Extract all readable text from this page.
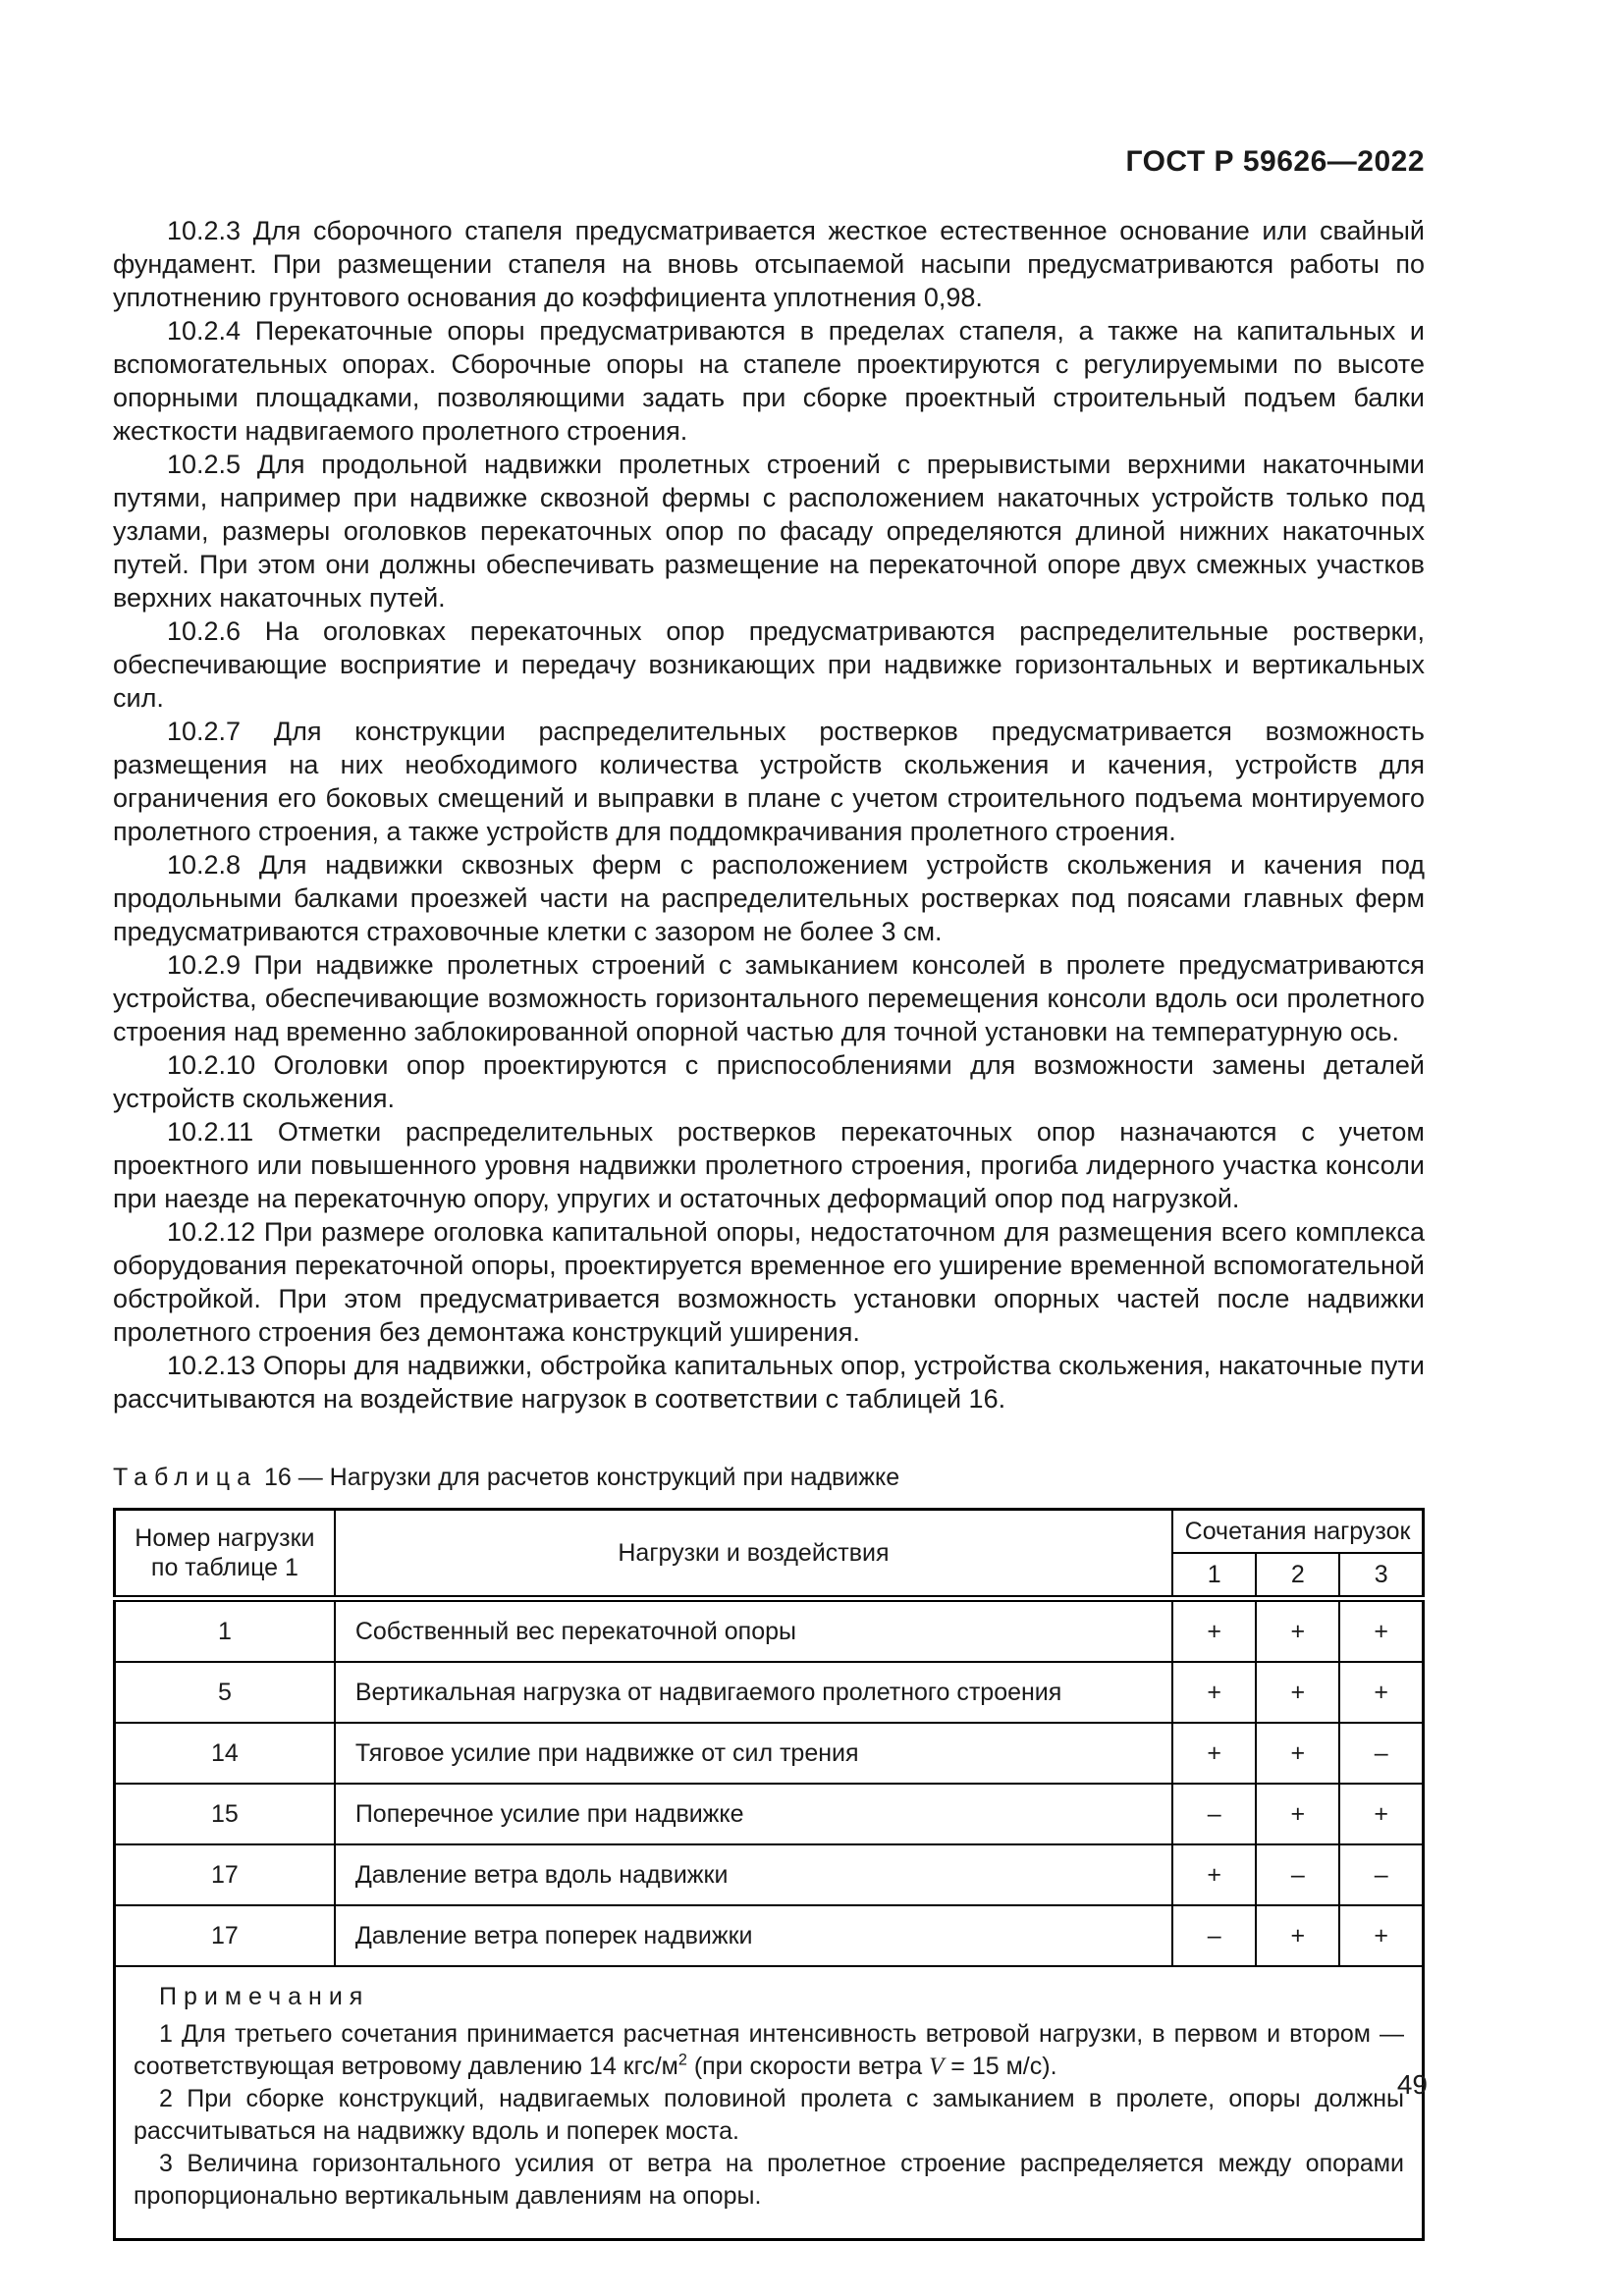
ГОСТ Р 59626—2022

10.2.3 Для сборочного стапеля предусматривается жесткое естественное основание или свайный фундамент. При размещении стапеля на вновь отсыпаемой насыпи предусматриваются работы по уплотнению грунтового основания до коэффициента уплотнения 0,98.

10.2.4 Перекаточные опоры предусматриваются в пределах стапеля, а также на капитальных и вспомогательных опорах. Сборочные опоры на стапеле проектируются с регулируемыми по высоте опорными площадками, позволяющими задать при сборке проектный строительный подъем балки жесткости надвигаемого пролетного строения.

10.2.5 Для продольной надвижки пролетных строений с прерывистыми верхними накаточными путями, например при надвижке сквозной фермы с расположением накаточных устройств только под узлами, размеры оголовков перекаточных опор по фасаду определяются длиной нижних накаточных путей. При этом они должны обеспечивать размещение на перекаточной опоре двух смежных участков верхних накаточных путей.

10.2.6 На оголовках перекаточных опор предусматриваются распределительные ростверки, обеспечивающие восприятие и передачу возникающих при надвижке горизонтальных и вертикальных сил.

10.2.7 Для конструкции распределительных ростверков предусматривается возможность размещения на них необходимого количества устройств скольжения и качения, устройств для ограничения его боковых смещений и выправки в плане с учетом строительного подъема монтируемого пролетного строения, а также устройств для поддомкрачивания пролетного строения.

10.2.8 Для надвижки сквозных ферм с расположением устройств скольжения и качения под продольными балками проезжей части на распределительных ростверках под поясами главных ферм предусматриваются страховочные клетки с зазором не более 3 см.

10.2.9 При надвижке пролетных строений с замыканием консолей в пролете предусматриваются устройства, обеспечивающие возможность горизонтального перемещения консоли вдоль оси пролетного строения над временно заблокированной опорной частью для точной установки на температурную ось.

10.2.10 Оголовки опор проектируются с приспособлениями для возможности замены деталей устройств скольжения.

10.2.11 Отметки распределительных ростверков перекаточных опор назначаются с учетом проектного или повышенного уровня надвижки пролетного строения, прогиба лидерного участка консоли при наезде на перекаточную опору, упругих и остаточных деформаций опор под нагрузкой.

10.2.12 При размере оголовка капитальной опоры, недостаточном для размещения всего комплекса оборудования перекаточной опоры, проектируется временное его уширение временной вспомогательной обстройкой. При этом предусматривается возможность установки опорных частей после надвижки пролетного строения без демонтажа конструкций уширения.

10.2.13 Опоры для надвижки, обстройка капитальных опор, устройства скольжения, накаточные пути рассчитываются на воздействие нагрузок в соответствии с таблицей 16.

Таблица 16 — Нагрузки для расчетов конструкций при надвижке
Номер нагрузки по таблице 1	Нагрузки и воздействия	Сочетания нагрузок		
		1	2	3
1	Собственный вес перекаточной опоры	+	+	+
5	Вертикальная нагрузка от надвигаемого пролетного строения	+	+	+
14	Тяговое усилие при надвижке от сил трения	+	+	–
15	Поперечное усилие при надвижке	–	+	+
17	Давление ветра вдоль надвижки	+	–	–
17	Давление ветра поперек надвижки	–	+	+

Примечания

1 Для третьего сочетания принимается расчетная интенсивность ветровой нагрузки, в первом и втором — соответствующая ветровому давлению 14 кгс/$м^2$ (при скорости ветра V = 15 м/с).

2 При сборке конструкций, надвигаемых половиной пролета с замыканием в пролете, опоры должны рассчитываться на надвижку вдоль и поперек моста.

3 Величина горизонтального усилия от ветра на пролетное строение распределяется между опорами пропорционально вертикальным давлениям на опоры.				

49
